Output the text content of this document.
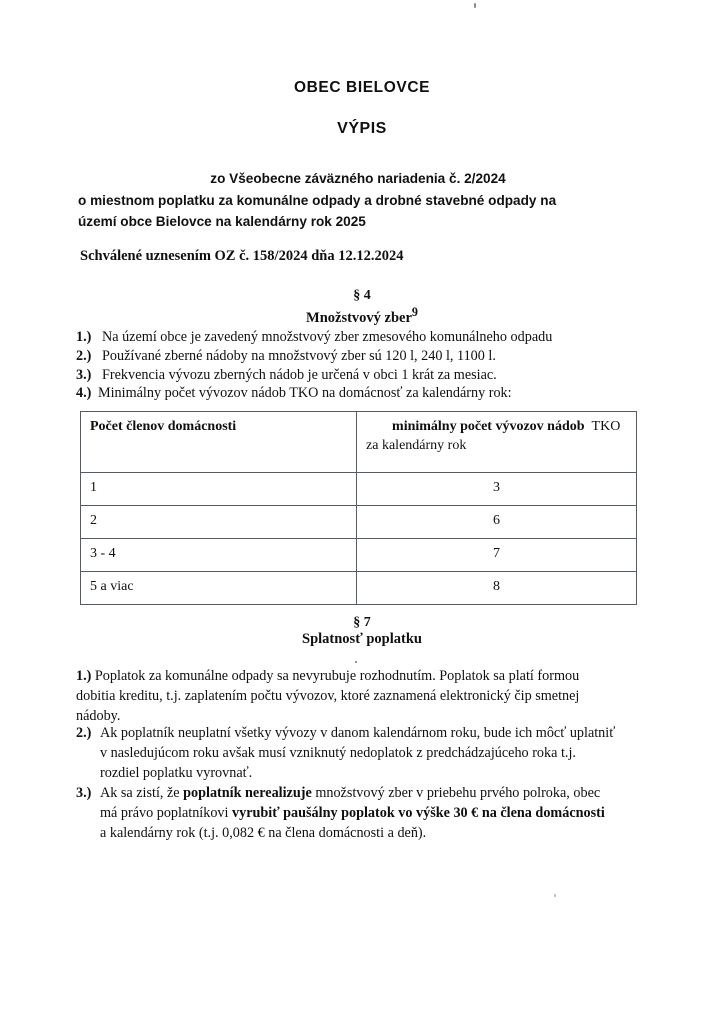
OBEC BIELOVCE
VÝPIS
zo Všeobecne záväzného nariadenia č. 2/2024
o miestnom poplatku za komunálne odpady a drobné stavebné odpady na
území obce Bielovce na kalendárny rok 2025
Schválené uznesením OZ č. 158/2024 dňa 12.12.2024
§ 4
Množstvový zber$^9$
1.) Na území obce je zavedený množstvový zber zmesového komunálneho odpadu
2.) Používané zberné nádoby na množstvový zber sú 120 l, 240 l, 1100 l.
3.) Frekvencia vývozu zberných nádob je určená v obci 1 krát za mesiac.
4.) Minimálny počet vývozov nádob TKO na domácnosť za kalendárny rok:
Počet členov domácnosti	minimálny počet vývozov nádob TKO
za kalendárny rok

1	3
2	6
3 - 4	7
5 a viac	8
§ 7
Splatnosť poplatku
1.) Poplatok za komunálne odpady sa nevyrubuje rozhodnutím. Poplatok sa platí formou
dobitia kreditu, t.j. zaplatením počtu vývozov, ktoré zaznamená elektronický čip smetnej
nádoby.
2.) Ak poplatník neuplatní všetky vývozy v danom kalendárnom roku, bude ich môcť uplatniť
v nasledujúcom roku avšak musí vzniknutý nedoplatok z predchádzajúceho roka t.j.
rozdiel poplatku vyrovnať.
3.) Ak sa zistí, že poplatník nerealizuje množstvový zber v priebehu prvého polroka, obec
má právo poplatníkovi vyrubiť paušálny poplatok vo výške 30 € na člena domácnosti
a kalendárny rok (t.j. 0,082 € na člena domácnosti a deň).
